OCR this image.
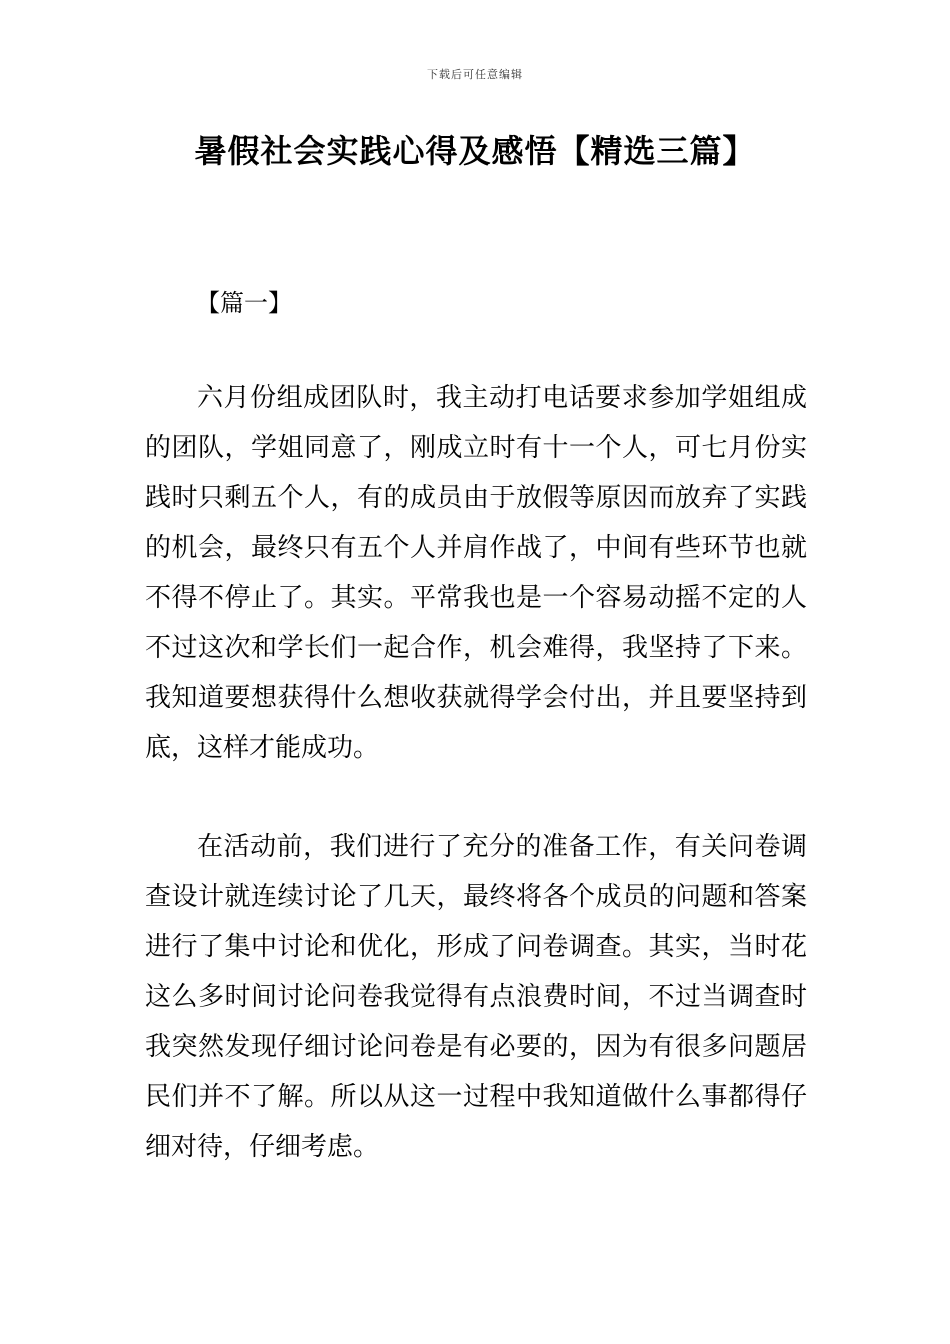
下载后可任意编辑
暑假社会实践心得及感悟【精选三篇】
【篇一】

六月份组成团队时，我主动打电话要求参加学姐组成的团队，学姐同意了，刚成立时有十一个人，可七月份实践时只剩五个人，有的成员由于放假等原因而放弃了实践的机会，最终只有五个人并肩作战了，中间有些环节也就不得不停止了。其实。平常我也是一个容易动摇不定的人不过这次和学长们一起合作，机会难得，我坚持了下来。我知道要想获得什么想收获就得学会付出，并且要坚持到底，这样才能成功。

在活动前，我们进行了充分的准备工作，有关问卷调查设计就连续讨论了几天，最终将各个成员的问题和答案进行了集中讨论和优化，形成了问卷调查。其实，当时花这么多时间讨论问卷我觉得有点浪费时间，不过当调查时我突然发现仔细讨论问卷是有必要的，因为有很多问题居民们并不了解。所以从这一过程中我知道做什么事都得仔细对待，仔细考虑。
